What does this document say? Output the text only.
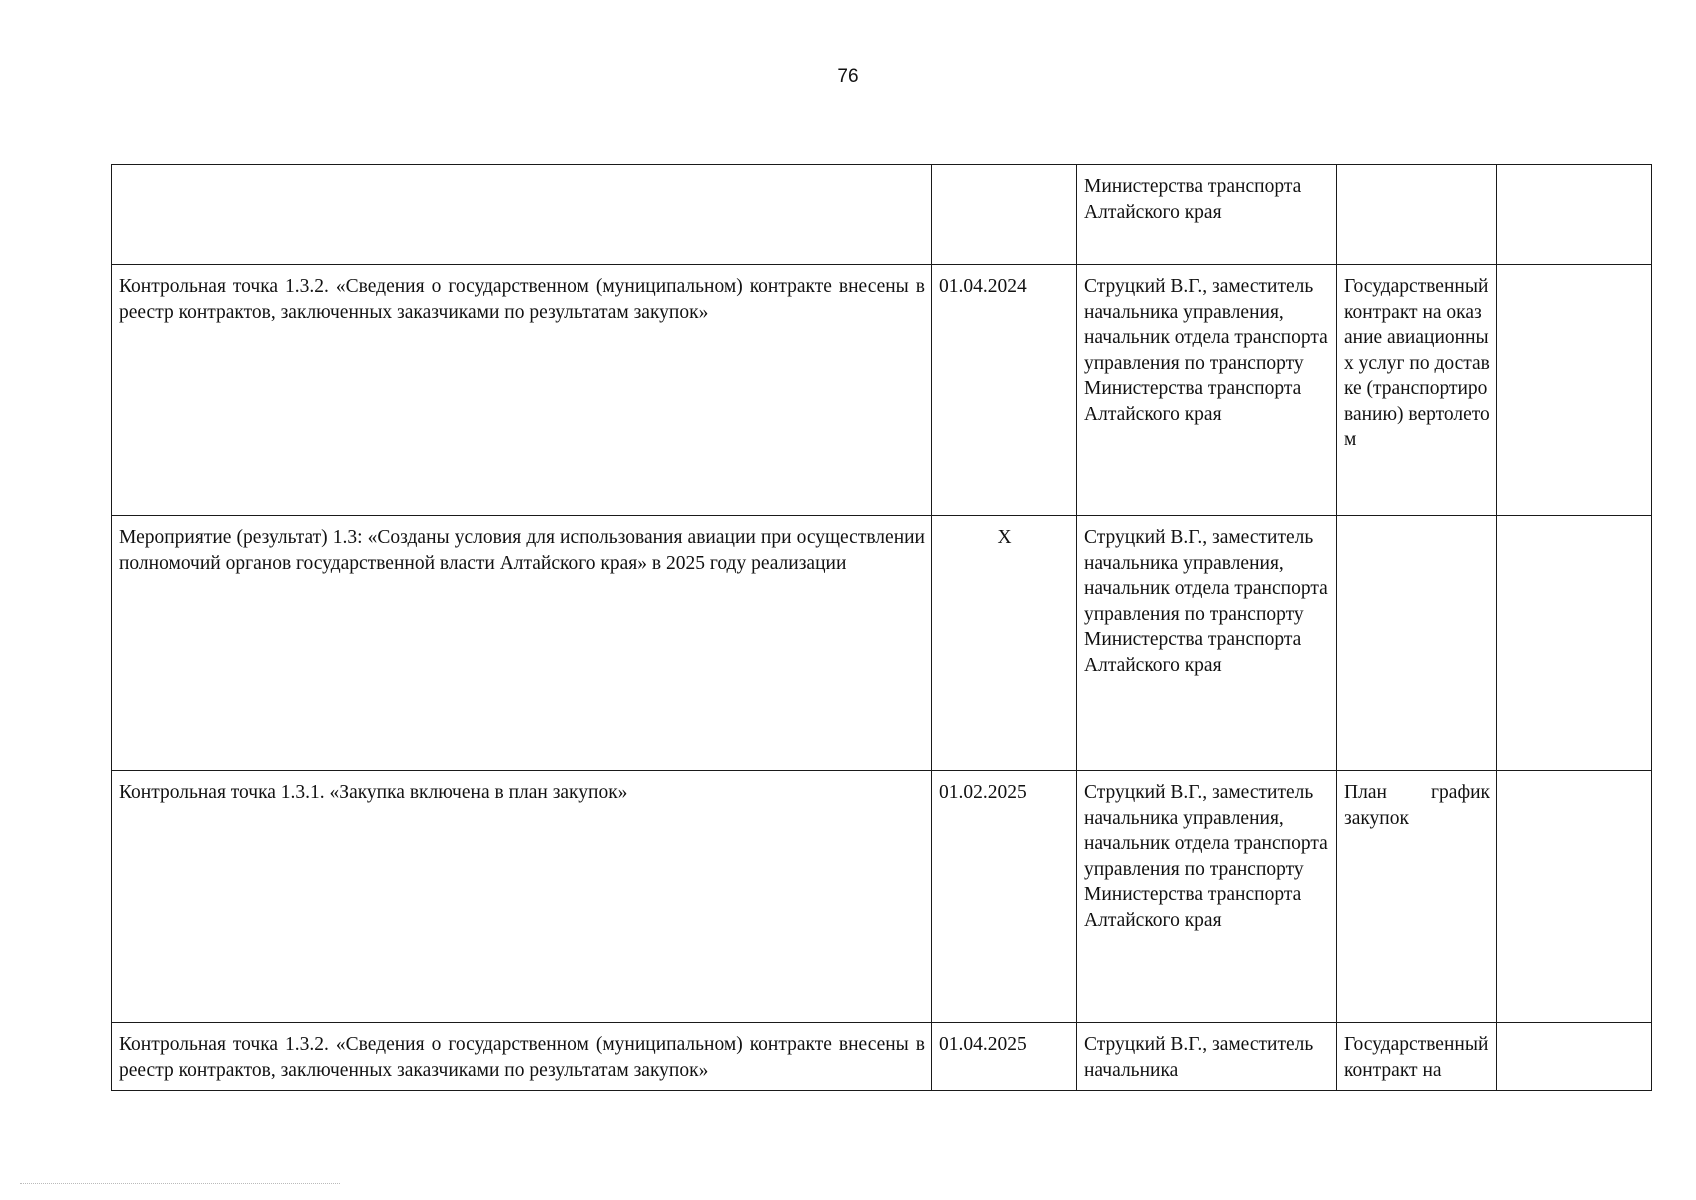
76
		Министерства транспорта Алтайского края		
Контрольная точка 1.3.2. «Сведения о государственном (муниципальном) контракте внесены в реестр контрактов, заключенных заказчиками по результатам закупок»	01.04.2024	Струцкий В.Г., заместитель начальника управления, начальник отдела транспорта управления по транспорту Министерства транспорта Алтайского края	Государственный контракт на оказание авиационных услуг по доставке (транспортированию) вертолетом	
Мероприятие (результат) 1.3: «Созданы условия для использования авиации при осуществлении полномочий органов государственной власти Алтайского края» в 2025 году реализации	X	Струцкий В.Г., заместитель начальника управления, начальник отдела транспорта управления по транспорту Министерства транспорта Алтайского края		
Контрольная точка 1.3.1. «Закупка включена в план закупок»	01.02.2025	Струцкий В.Г., заместитель начальника управления, начальник отдела транспорта управления по транспорту Министерства транспорта Алтайского края	План график закупок	

Контрольная точка 1.3.2. «Сведения о государственном (муниципальном) контракте внесены в реестр контрактов, заключенных заказчиками по результатам закупок»	01.04.2025	Струцкий В.Г., заместитель начальника	Государственный контракт на	
